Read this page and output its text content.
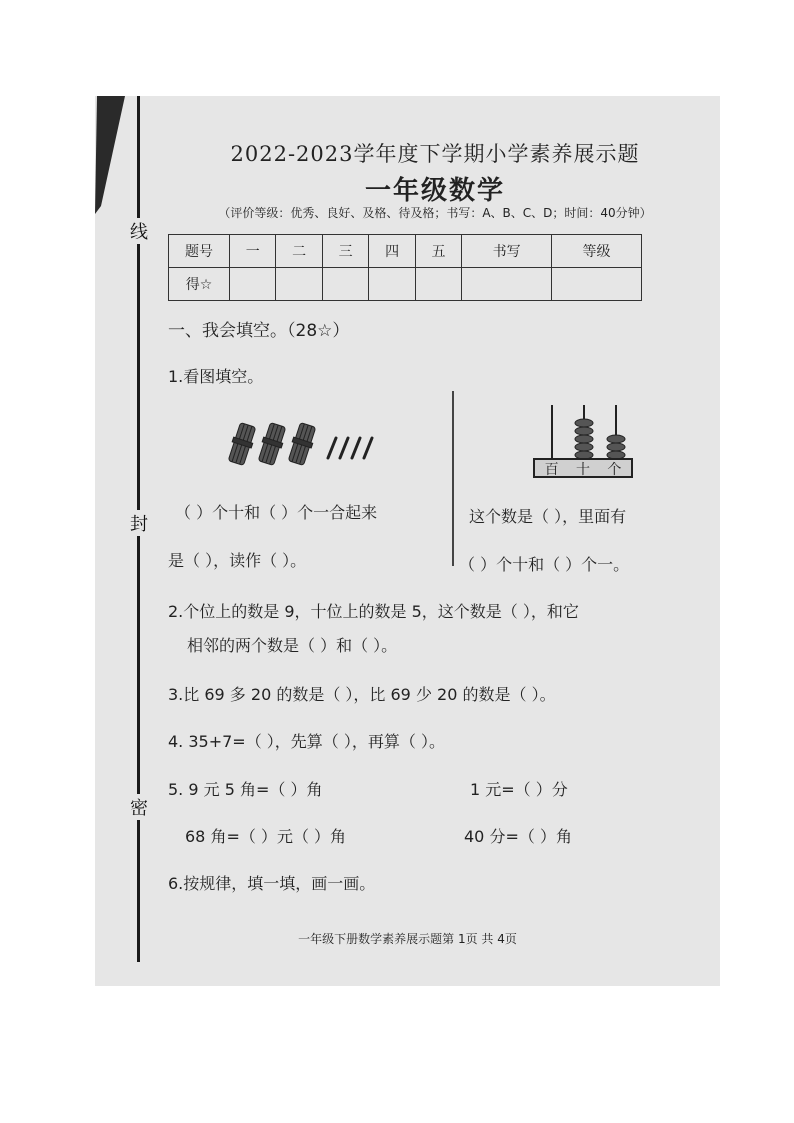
线
封
密
2022-2023学年度下学期小学素养展示题
一年级数学
（评价等级：优秀、良好、及格、待及格；书写：A、B、C、D；时间：40分钟）
题号	一	二	三	四	五	书写	等级
得☆							
一、我会填空。（28☆）
1.看图填空。
百 十 个
（ ）个十和（ ）个一合起来
是（ ），读作（ ）。
这个数是（ ），里面有
（ ）个十和（ ）个一。
2.个位上的数是 9，十位上的数是 5，这个数是（ ），和它
相邻的两个数是（ ）和（ ）。
3.比 69 多 20 的数是（ ），比 69 少 20 的数是（ ）。
4. 35+7=（ ），先算（ ），再算（ ）。
5. 9 元 5 角=（ ）角	1 元=（ ）分
68 角=（ ）元（ ）角	40 分=（ ）角
6.按规律，填一填，画一画。
一年级下册数学素养展示题第 1页 共 4页
